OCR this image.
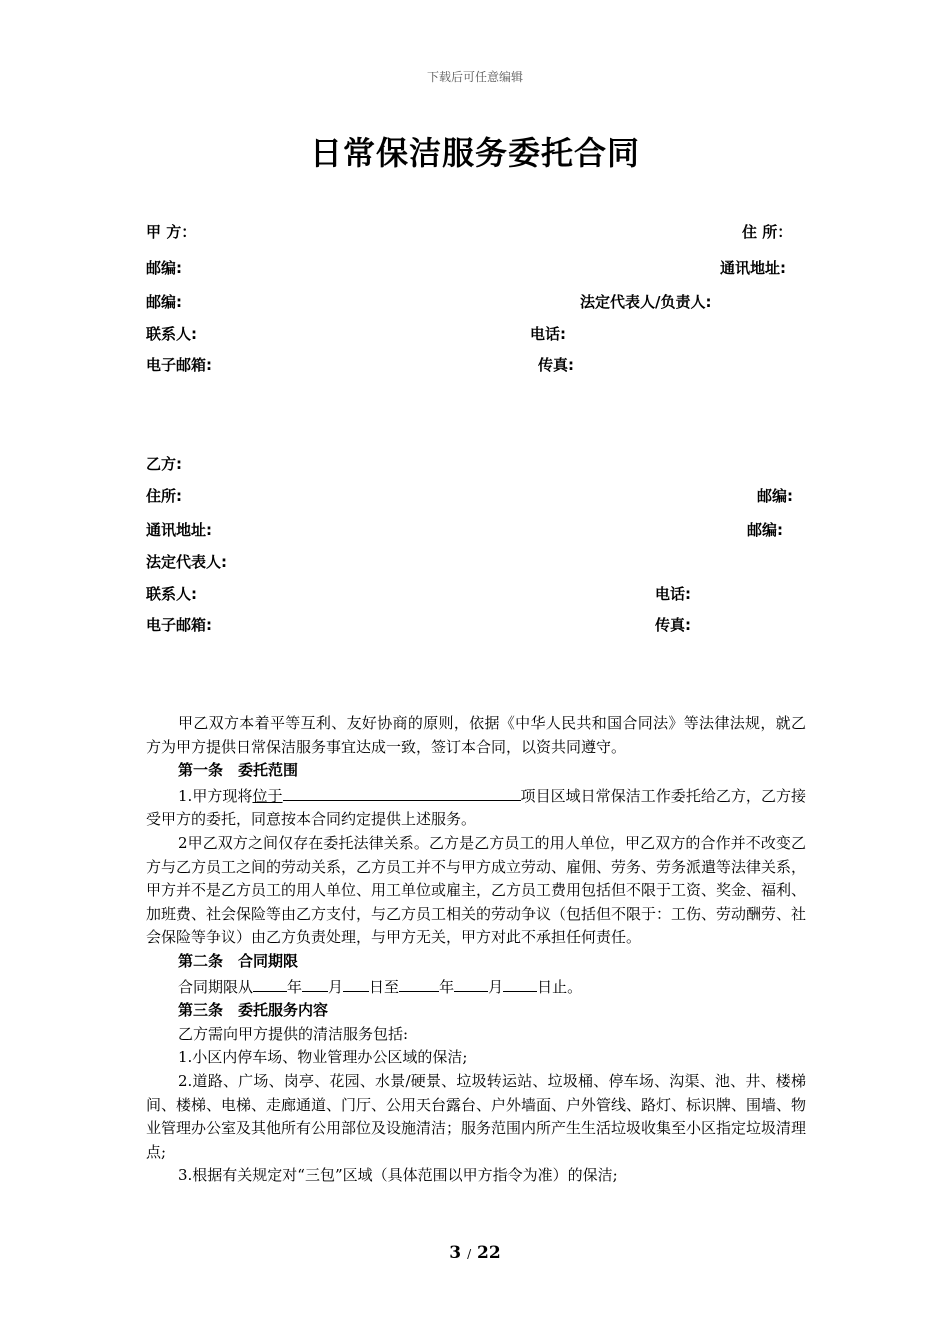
下载后可任意编辑
日常保洁服务委托合同
甲 方：	住 所：
邮编:	通讯地址:
邮编:	法定代表人/负责人:
联系人:	电话:
电子邮箱:	传真:
乙方:
住所:	邮编:
通讯地址:	邮编:
法定代表人:
联系人:	电话:
电子邮箱:	传真:

甲乙双方本着平等互利、友好协商的原则，依据《中华人民共和国合同法》等法律法规，就乙方为甲方提供日常保洁服务事宜达成一致，签订本合同，以资共同遵守。

第一条　委托范围

1.甲方现将位于	项目区域日常保洁工作委托给乙方，乙方接受甲方的委托，同意按本合同约定提供上述服务。

2甲乙双方之间仅存在委托法律关系。乙方是乙方员工的用人单位，甲乙双方的合作并不改变乙方与乙方员工之间的劳动关系，乙方员工并不与甲方成立劳动、雇佣、劳务、劳务派遣等法律关系，甲方并不是乙方员工的用人单位、用工单位或雇主，乙方员工费用包括但不限于工资、奖金、福利、加班费、社会保险等由乙方支付，与乙方员工相关的劳动争议（包括但不限于：工伤、劳动酬劳、社会保险等争议）由乙方负责处理，与甲方无关，甲方对此不承担任何责任。

第二条　合同期限

合同期限从 年 月 日至	年 月 日止。

第三条　委托服务内容

乙方需向甲方提供的清洁服务包括:

1.小区内停车场、物业管理办公区域的保洁;

2.道路、广场、岗亭、花园、水景/硬景、垃圾转运站、垃圾桶、停车场、沟渠、池、井、楼梯间、楼梯、电梯、走廊通道、门厅、公用天台露台、户外墙面、户外管线、路灯、标识牌、围墙、物业管理办公室及其他所有公用部位及设施清洁；服务范围内所产生生活垃圾收集至小区指定垃圾清理点;

3.根据有关规定对“三包”区域（具体范围以甲方指令为准）的保洁;

3 / 22
